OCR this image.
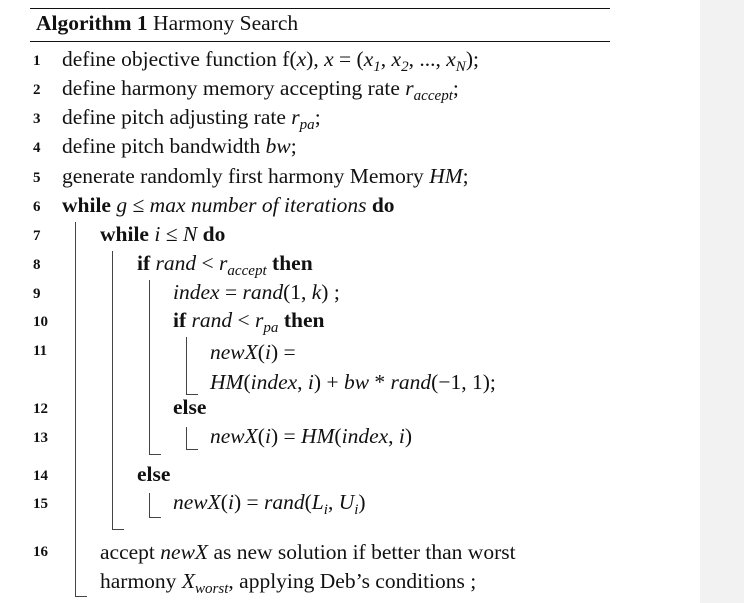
Algorithm 1 Harmony Search
1
2
3
4
5
6
7
8
9
10
11
12
13
14
15
16
define objective function f(x), $x = (x_1$, $x_2$, ..., $x_N$);
define harmony memory accepting rate $r_{accept}$;
define pitch adjusting rate $r_{pa}$;
define pitch bandwidth bw;
generate randomly first harmony Memory HM;
while g ≤ max number of iterations do
while i ≤ N do
if rand < $r_{accept}$ then
index = rand(1, k) ;
if rand < $r_{pa}$ then
newX(i) =
HM(index, i) + bw * rand(−1, 1);
else
newX(i) = HM(index, i)
else
newX(i) = $rand(L_i$, $U_i$)
accept newX as new solution if better than worst
harmony $X_{worst}$, applying Deb’s conditions ;
